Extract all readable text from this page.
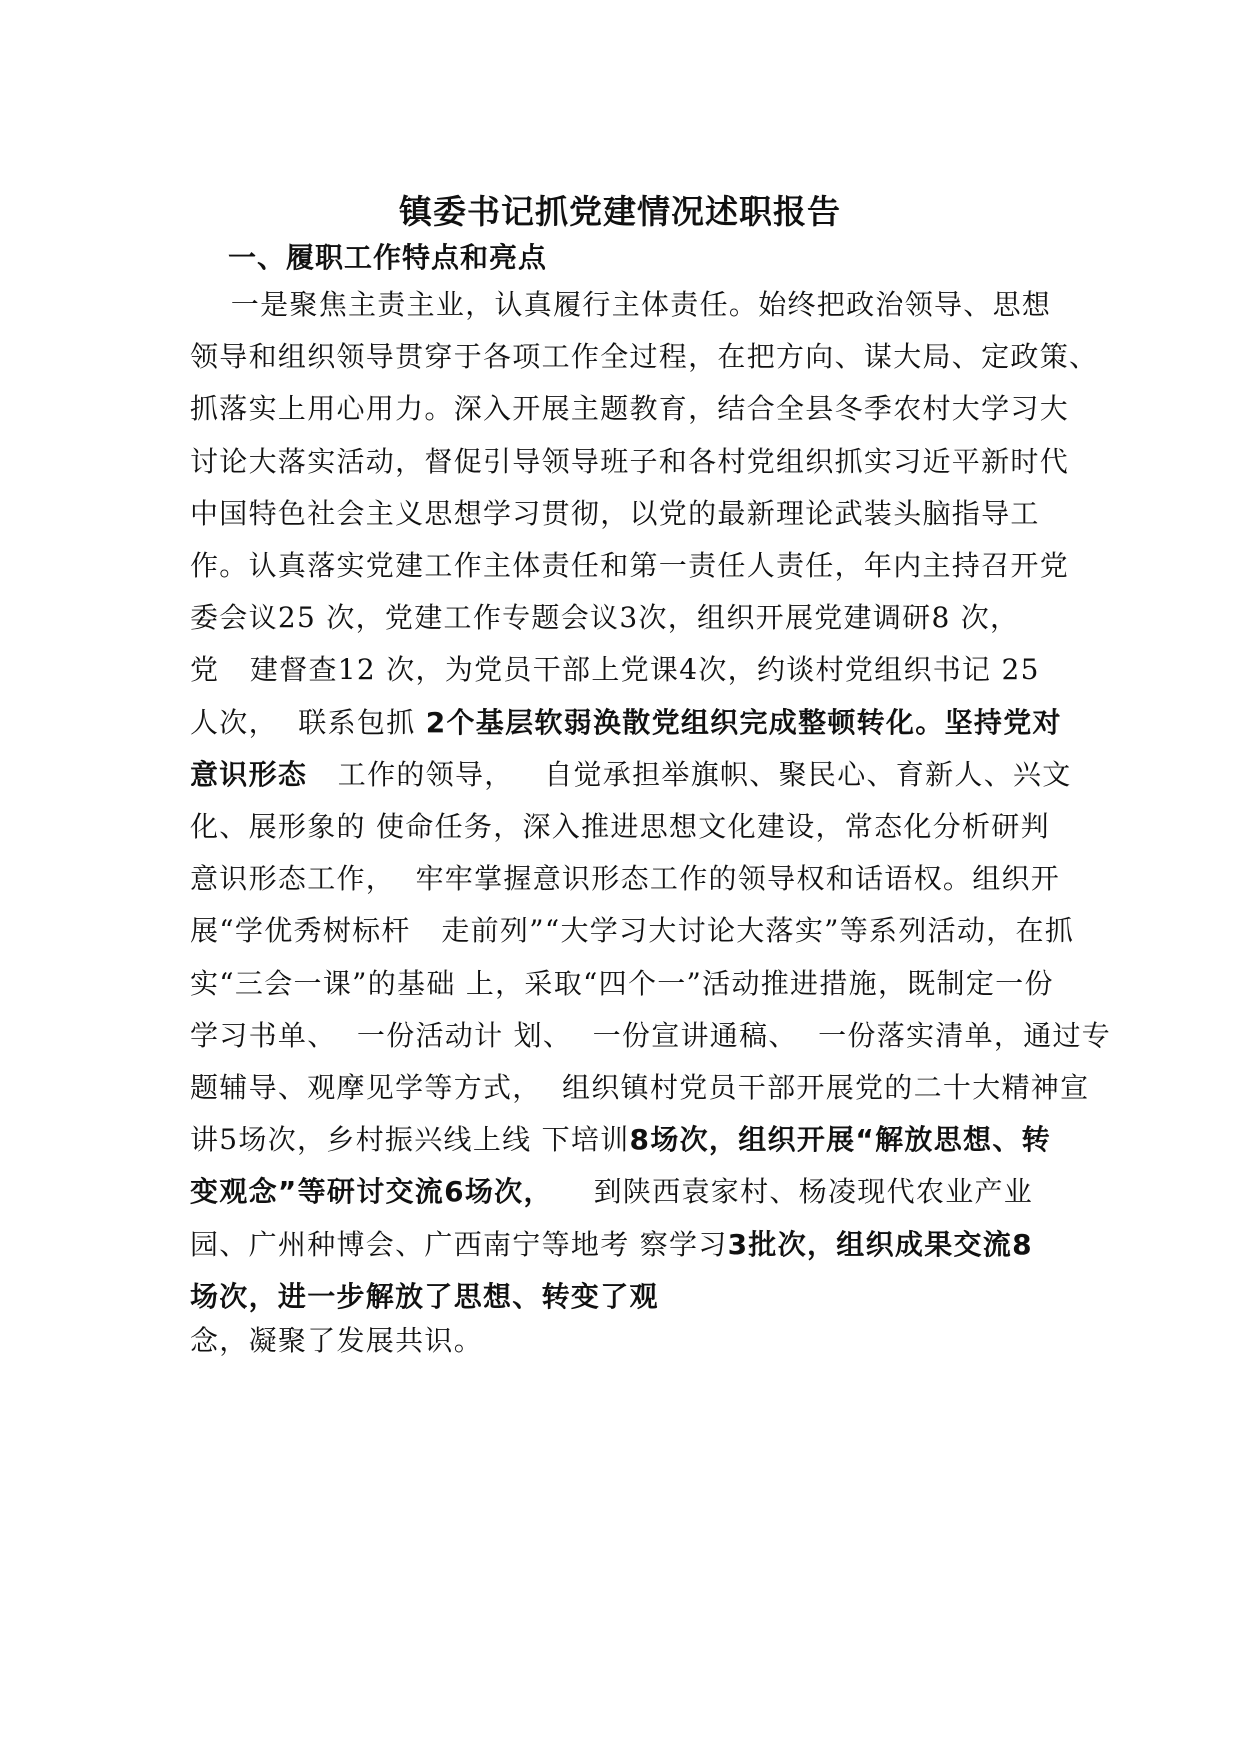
镇委书记抓党建情况述职报告
一、履职工作特点和亮点
一是聚焦主责主业，认真履行主体责任。始终把政治领导、思想
领导和组织领导贯穿于各项工作全过程，在把方向、谋大局、定政策、
抓落实上用心用力。深入开展主题教育，结合全县冬季农村大学习大
讨论大落实活动，督促引导领导班子和各村党组织抓实习近平新时代
中国特色社会主义思想学习贯彻，以党的最新理论武装头脑指导工
作。认真落实党建工作主体责任和第一责任人责任，年内主持召开党
委会议25 次，党建工作专题会议3次，组织开展党建调研8 次，
党   建督查12 次，为党员干部上党课4次，约谈村党组织书记 25
人次，  联系包抓 2个基层软弱涣散党组织完成整顿转化。坚持党对
意识形态   工作的领导，   自觉承担举旗帜、聚民心、育新人、兴文
化、展形象的 使命任务，深入推进思想文化建设，常态化分析研判
意识形态工作，  牢牢掌握意识形态工作的领导权和话语权。组织开
展“学优秀树标杆   走前列”“大学习大讨论大落实”等系列活动，在抓
实“三会一课”的基础 上，采取“四个一”活动推进措施，既制定一份
学习书单、  一份活动计 划、  一份宣讲通稿、  一份落实清单，通过专
题辅导、观摩见学等方式，  组织镇村党员干部开展党的二十大精神宣
讲5场次，乡村振兴线上线 下培训8场次，组织开展“解放思想、转
变观念”等研讨交流6场次，    到陕西袁家村、杨凌现代农业产业
园、广州种博会、广西南宁等地考 察学习3批次，组织成果交流8
场次，进一步解放了思想、转变了观
念，凝聚了发展共识。
